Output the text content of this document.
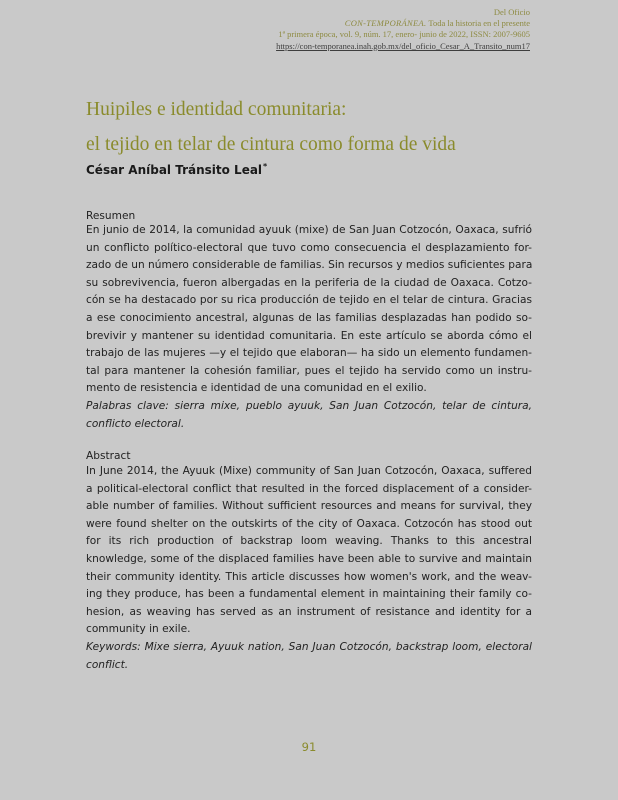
Del Oficio
CON-TEMPORÁNEA. Toda la historia en el presente
1ª primera época, vol. 9, núm. 17, enero- junio de 2022, ISSN: 2007-9605
https://con-temporanea.inah.gob.mx/del_oficio_Cesar_A_Transito_num17
Huipiles e identidad comunitaria:
el tejido en telar de cintura como forma de vida
César Aníbal Tránsito Leal*
Resumen
En junio de 2014, la comunidad ayuuk (mixe) de San Juan Cotzocón, Oaxaca, sufrió
un conflicto político-electoral que tuvo como consecuencia el desplazamiento for-
zado de un número considerable de familias. Sin recursos y medios suficientes para
su sobrevivencia, fueron albergadas en la periferia de la ciudad de Oaxaca. Cotzo-
cón se ha destacado por su rica producción de tejido en el telar de cintura. Gracias
a ese conocimiento ancestral, algunas de las familias desplazadas han podido so-
brevivir y mantener su identidad comunitaria. En este artículo se aborda cómo el
trabajo de las mujeres —y el tejido que elaboran— ha sido un elemento fundamen-
tal para mantener la cohesión familiar, pues el tejido ha servido como un instru-
mento de resistencia e identidad de una comunidad en el exilio.
Palabras clave: sierra mixe, pueblo ayuuk, San Juan Cotzocón, telar de cintura,
conflicto electoral.
Abstract
In June 2014, the Ayuuk (Mixe) community of San Juan Cotzocón, Oaxaca, suffered
a political-electoral conflict that resulted in the forced displacement of a consider-
able number of families. Without sufficient resources and means for survival, they
were found shelter on the outskirts of the city of Oaxaca. Cotzocón has stood out
for its rich production of backstrap loom weaving. Thanks to this ancestral
knowledge, some of the displaced families have been able to survive and maintain
their community identity. This article discusses how women's work, and the weav-
ing they produce, has been a fundamental element in maintaining their family co-
hesion, as weaving has served as an instrument of resistance and identity for a
community in exile.
Keywords: Mixe sierra, Ayuuk nation, San Juan Cotzocón, backstrap loom, electoral
conflict.
91
